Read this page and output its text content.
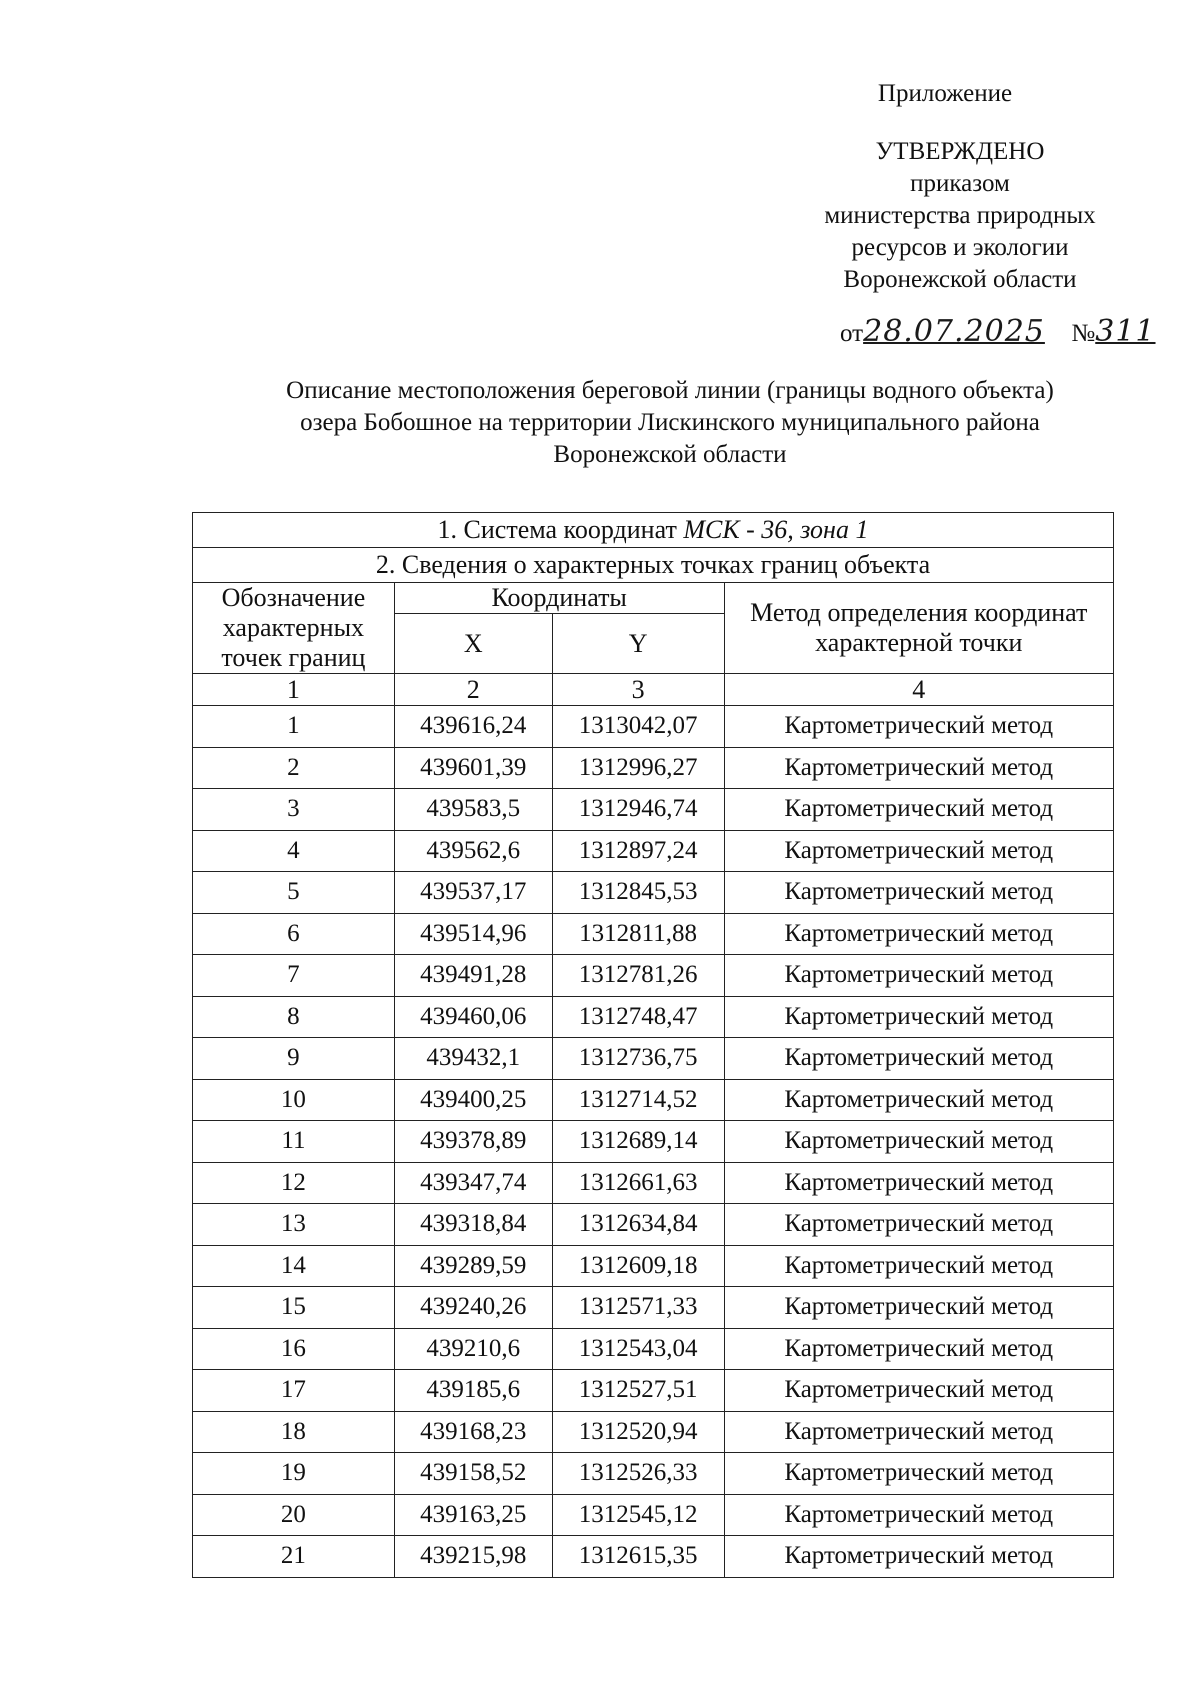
Приложение
УТВЕРЖДЕНО
приказом
министерства природных
ресурсов и экологии
Воронежской области
от28.07.2025 №311
Описание местоположения береговой линии (границы водного объекта)
озера Бобошное на территории Лискинского муниципального района
Воронежской области
1. Система координат МСК - 36, зона 1			
2. Сведения о характерных точках границ объекта			
Обозначение характерных точек границ	Координаты		Метод определения координат характерной точки
	X	Y	
1	2	3	4
1	439616,24	1313042,07	Картометрический метод
2	439601,39	1312996,27	Картометрический метод
3	439583,5	1312946,74	Картометрический метод
4	439562,6	1312897,24	Картометрический метод
5	439537,17	1312845,53	Картометрический метод
6	439514,96	1312811,88	Картометрический метод
7	439491,28	1312781,26	Картометрический метод
8	439460,06	1312748,47	Картометрический метод
9	439432,1	1312736,75	Картометрический метод
10	439400,25	1312714,52	Картометрический метод
11	439378,89	1312689,14	Картометрический метод
12	439347,74	1312661,63	Картометрический метод
13	439318,84	1312634,84	Картометрический метод
14	439289,59	1312609,18	Картометрический метод
15	439240,26	1312571,33	Картометрический метод
16	439210,6	1312543,04	Картометрический метод
17	439185,6	1312527,51	Картометрический метод
18	439168,23	1312520,94	Картометрический метод
19	439158,52	1312526,33	Картометрический метод
20	439163,25	1312545,12	Картометрический метод
21	439215,98	1312615,35	Картометрический метод
